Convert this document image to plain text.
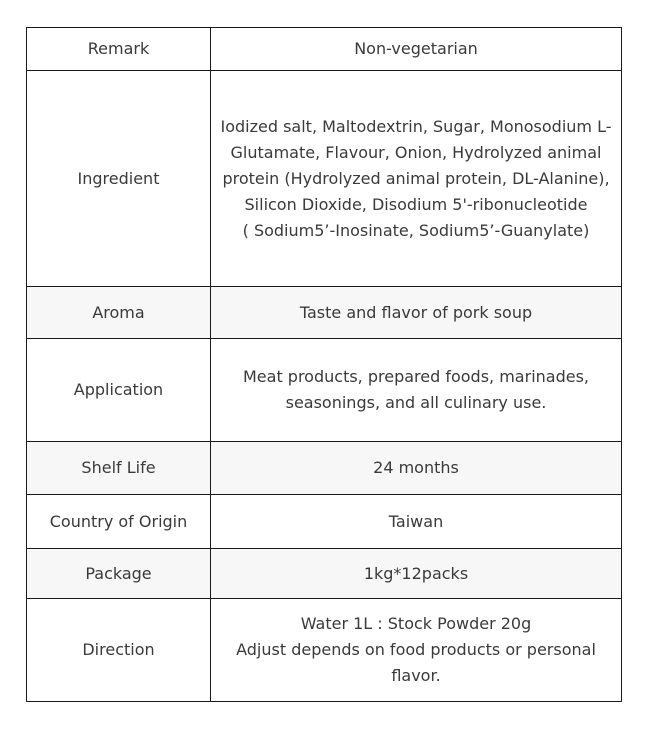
Remark	Non-vegetarian
Ingredient	Iodized salt, Maltodextrin, Sugar, Monosodium L-
Glutamate, Flavour, Onion, Hydrolyzed animal
protein (Hydrolyzed animal protein, DL-Alanine),
Silicon Dioxide, Disodium 5'-ribonucleotide
( Sodium5’-Inosinate, Sodium5’-Guanylate)

Aroma	Taste and flavor of pork soup
Application	Meat products, prepared foods, marinades,
seasonings, and all culinary use.

Shelf Life	24 months
Country of Origin	Taiwan
Package	1kg*12packs
Direction	Water 1L : Stock Powder 20g
Adjust depends on food products or personal
flavor.
